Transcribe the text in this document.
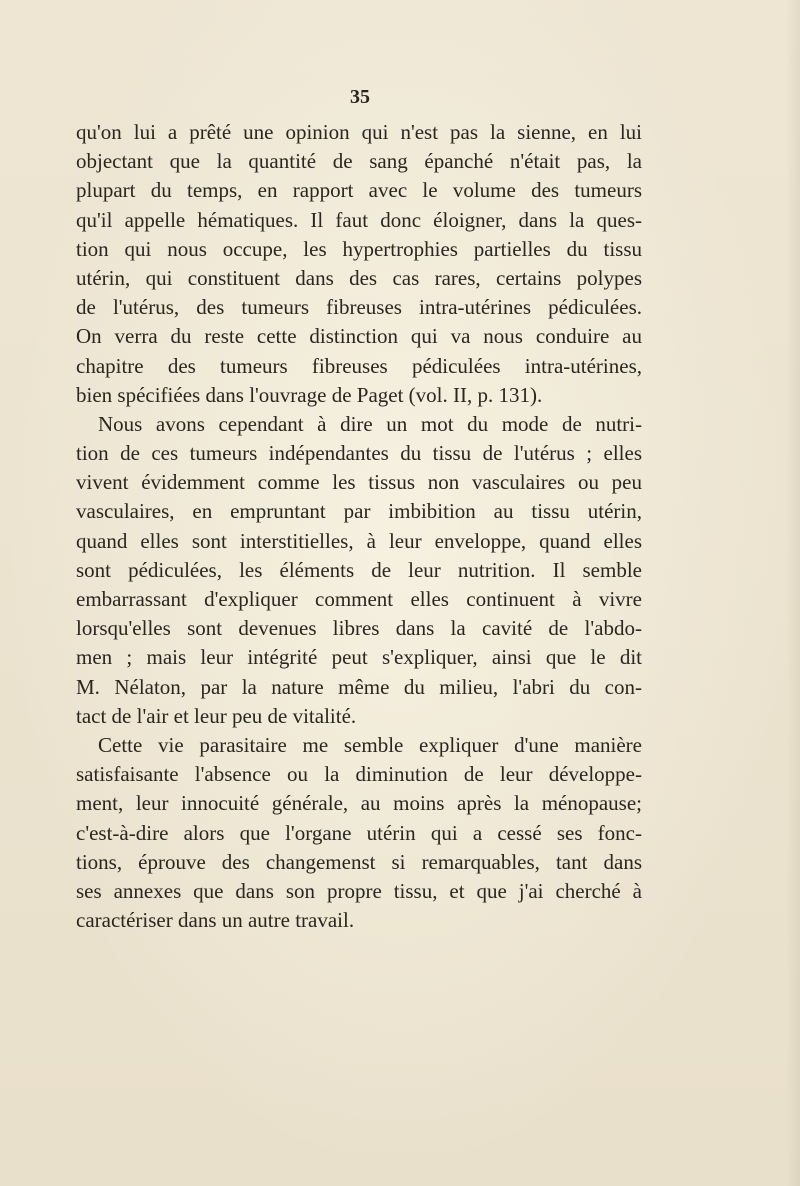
35
qu'on lui a prêté une opinion qui n'est pas la sienne, en lui
objectant que la quantité de sang épanché n'était pas, la
plupart du temps, en rapport avec le volume des tumeurs
qu'il appelle hématiques. Il faut donc éloigner, dans la ques-
tion qui nous occupe, les hypertrophies partielles du tissu
utérin, qui constituent dans des cas rares, certains polypes
de l'utérus, des tumeurs fibreuses intra-utérines pédiculées.
On verra du reste cette distinction qui va nous conduire au
chapitre des tumeurs fibreuses pédiculées intra-utérines,
bien spécifiées dans l'ouvrage de Paget (vol. II, p. 131).
Nous avons cependant à dire un mot du mode de nutri-
tion de ces tumeurs indépendantes du tissu de l'utérus ; elles
vivent évidemment comme les tissus non vasculaires ou peu
vasculaires, en empruntant par imbibition au tissu utérin,
quand elles sont interstitielles, à leur enveloppe, quand elles
sont pédiculées, les éléments de leur nutrition. Il semble
embarrassant d'expliquer comment elles continuent à vivre
lorsqu'elles sont devenues libres dans la cavité de l'abdo-
men ; mais leur intégrité peut s'expliquer, ainsi que le dit
M. Nélaton, par la nature même du milieu, l'abri du con-
tact de l'air et leur peu de vitalité.
Cette vie parasitaire me semble expliquer d'une manière
satisfaisante l'absence ou la diminution de leur développe-
ment, leur innocuité générale, au moins après la ménopause;
c'est-à-dire alors que l'organe utérin qui a cessé ses fonc-
tions, éprouve des changemenst si remarquables, tant dans
ses annexes que dans son propre tissu, et que j'ai cherché à
caractériser dans un autre travail.
